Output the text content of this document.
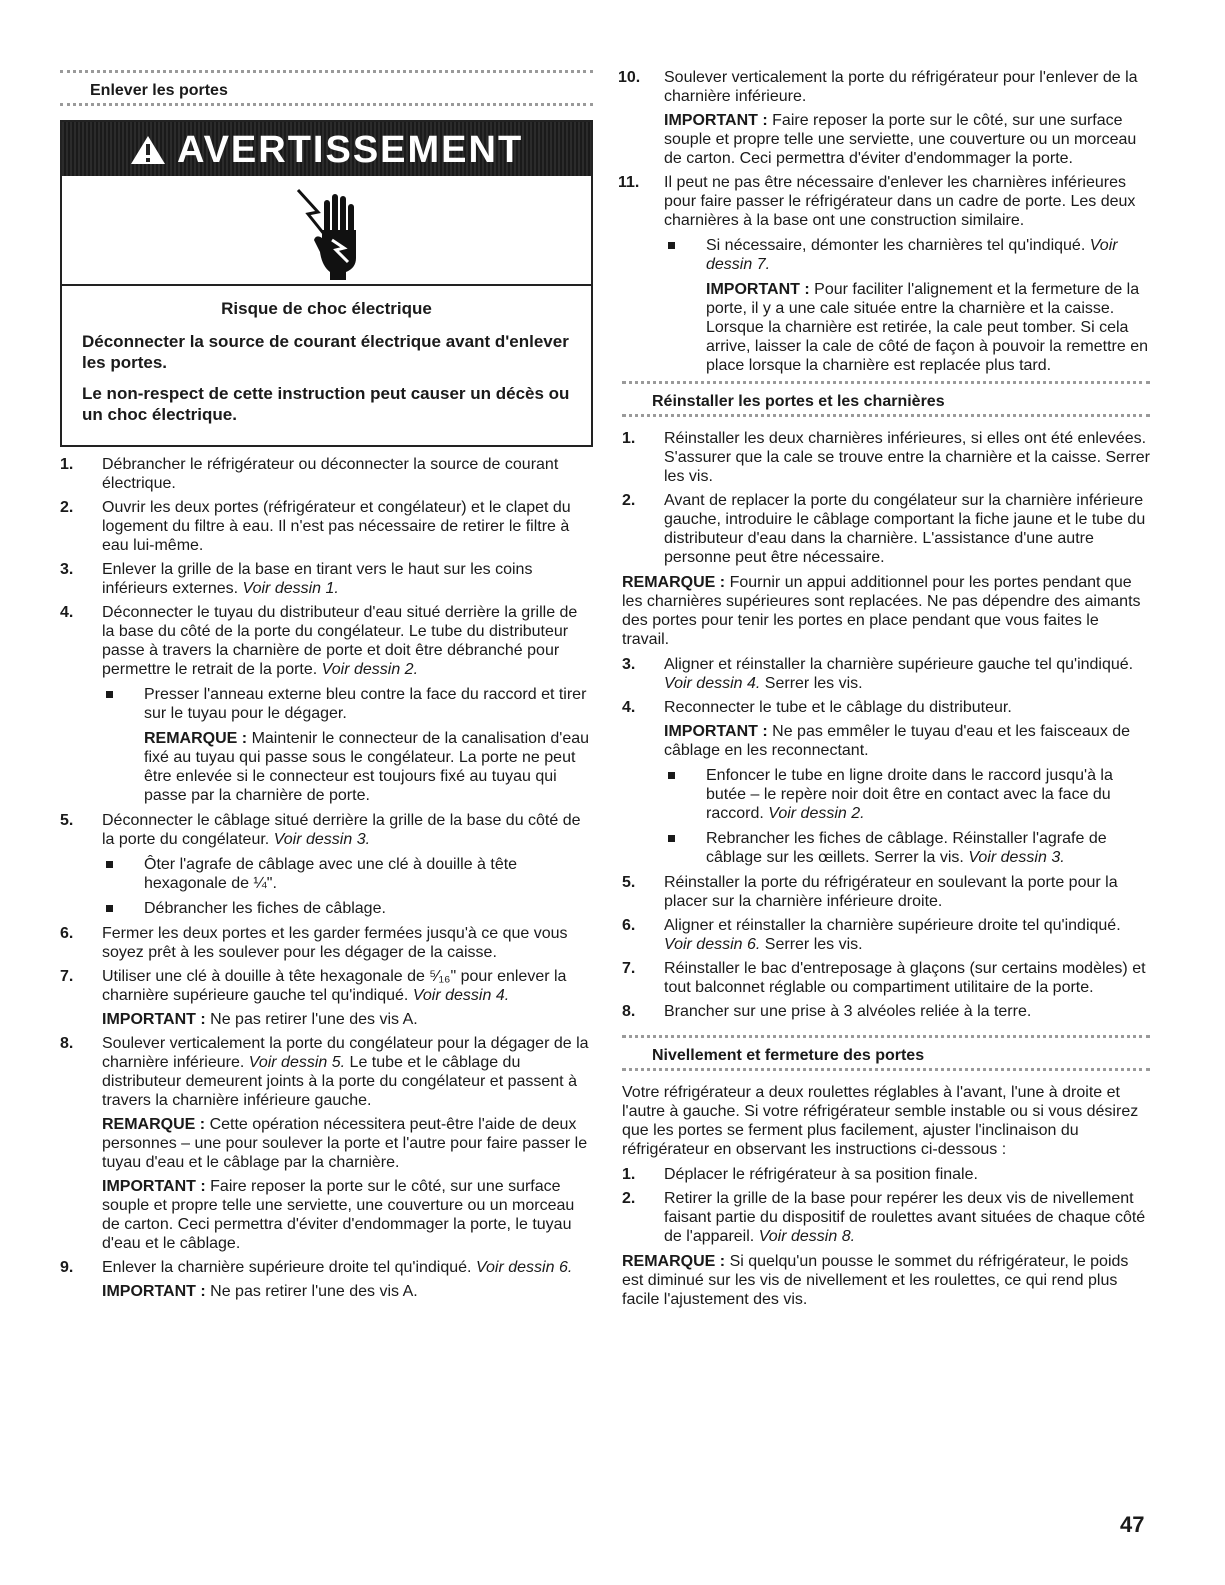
Enlever les portes
AVERTISSEMENT
Risque de choc électrique

Déconnecter la source de courant électrique avant d'enlever les portes.

Le non-respect de cette instruction peut causer un décès ou un choc électrique.

1. Débrancher le réfrigérateur ou déconnecter la source de courant électrique.
2. Ouvrir les deux portes (réfrigérateur et congélateur) et le clapet du logement du filtre à eau. Il n'est pas nécessaire de retirer le filtre à eau lui-même.
3. Enlever la grille de la base en tirant vers le haut sur les coins inférieurs externes. Voir dessin 1.
4. Déconnecter le tuyau du distributeur d'eau situé derrière la grille de la base du côté de la porte du congélateur. Le tube du distributeur passe à travers la charnière de porte et doit être débranché pour permettre le retrait de la porte. Voir dessin 2.
Presser l'anneau externe bleu contre la face du raccord et tirer sur le tuyau pour le dégager.
REMARQUE : Maintenir le connecteur de la canalisation d'eau fixé au tuyau qui passe sous le congélateur. La porte ne peut être enlevée si le connecteur est toujours fixé au tuyau qui passe par la charnière de porte.
5. Déconnecter le câblage situé derrière la grille de la base du côté de la porte du congélateur. Voir dessin 3.
Ôter l'agrafe de câblage avec une clé à douille à tête hexagonale de ¼".
Débrancher les fiches de câblage.
6. Fermer les deux portes et les garder fermées jusqu'à ce que vous soyez prêt à les soulever pour les dégager de la caisse.
7. Utiliser une clé à douille à tête hexagonale de ⁵⁄₁₆" pour enlever la charnière supérieure gauche tel qu'indiqué. Voir dessin 4.
IMPORTANT : Ne pas retirer l'une des vis A.
8. Soulever verticalement la porte du congélateur pour la dégager de la charnière inférieure. Voir dessin 5. Le tube et le câblage du distributeur demeurent joints à la porte du congélateur et passent à travers la charnière inférieure gauche.
REMARQUE : Cette opération nécessitera peut-être l'aide de deux personnes – une pour soulever la porte et l'autre pour faire passer le tuyau d'eau et le câblage par la charnière.
IMPORTANT : Faire reposer la porte sur le côté, sur une surface souple et propre telle une serviette, une couverture ou un morceau de carton. Ceci permettra d'éviter d'endommager la porte, le tuyau d'eau et le câblage.
9. Enlever la charnière supérieure droite tel qu'indiqué. Voir dessin 6.
IMPORTANT : Ne pas retirer l'une des vis A.
10. Soulever verticalement la porte du réfrigérateur pour l'enlever de la charnière inférieure.
IMPORTANT : Faire reposer la porte sur le côté, sur une surface souple et propre telle une serviette, une couverture ou un morceau de carton. Ceci permettra d'éviter d'endommager la porte.
11. Il peut ne pas être nécessaire d'enlever les charnières inférieures pour faire passer le réfrigérateur dans un cadre de porte. Les deux charnières à la base ont une construction similaire.
Si nécessaire, démonter les charnières tel qu'indiqué. Voir dessin 7.
IMPORTANT : Pour faciliter l'alignement et la fermeture de la porte, il y a une cale située entre la charnière et la caisse. Lorsque la charnière est retirée, la cale peut tomber. Si cela arrive, laisser la cale de côté de façon à pouvoir la remettre en place lorsque la charnière est replacée plus tard.
Réinstaller les portes et les charnières
1. Réinstaller les deux charnières inférieures, si elles ont été enlevées. S'assurer que la cale se trouve entre la charnière et la caisse. Serrer les vis.
2. Avant de replacer la porte du congélateur sur la charnière inférieure gauche, introduire le câblage comportant la fiche jaune et le tube du distributeur d'eau dans la charnière. L'assistance d'une autre personne peut être nécessaire.
REMARQUE : Fournir un appui additionnel pour les portes pendant que les charnières supérieures sont replacées. Ne pas dépendre des aimants des portes pour tenir les portes en place pendant que vous faites le travail.
3. Aligner et réinstaller la charnière supérieure gauche tel qu'indiqué. Voir dessin 4. Serrer les vis.
4. Reconnecter le tube et le câblage du distributeur.
IMPORTANT : Ne pas emmêler le tuyau d'eau et les faisceaux de câblage en les reconnectant.
Enfoncer le tube en ligne droite dans le raccord jusqu'à la butée – le repère noir doit être en contact avec la face du raccord. Voir dessin 2.
Rebrancher les fiches de câblage. Réinstaller l'agrafe de câblage sur les œillets. Serrer la vis. Voir dessin 3.
5. Réinstaller la porte du réfrigérateur en soulevant la porte pour la placer sur la charnière inférieure droite.
6. Aligner et réinstaller la charnière supérieure droite tel qu'indiqué. Voir dessin 6. Serrer les vis.
7. Réinstaller le bac d'entreposage à glaçons (sur certains modèles) et tout balconnet réglable ou compartiment utilitaire de la porte.
8. Brancher sur une prise à 3 alvéoles reliée à la terre.
Nivellement et fermeture des portes
Votre réfrigérateur a deux roulettes réglables à l'avant, l'une à droite et l'autre à gauche. Si votre réfrigérateur semble instable ou si vous désirez que les portes se ferment plus facilement, ajuster l'inclinaison du réfrigérateur en observant les instructions ci-dessous :
1. Déplacer le réfrigérateur à sa position finale.
2. Retirer la grille de la base pour repérer les deux vis de nivellement faisant partie du dispositif de roulettes avant situées de chaque côté de l'appareil. Voir dessin 8.
REMARQUE : Si quelqu'un pousse le sommet du réfrigérateur, le poids est diminué sur les vis de nivellement et les roulettes, ce qui rend plus facile l'ajustement des vis.
47
